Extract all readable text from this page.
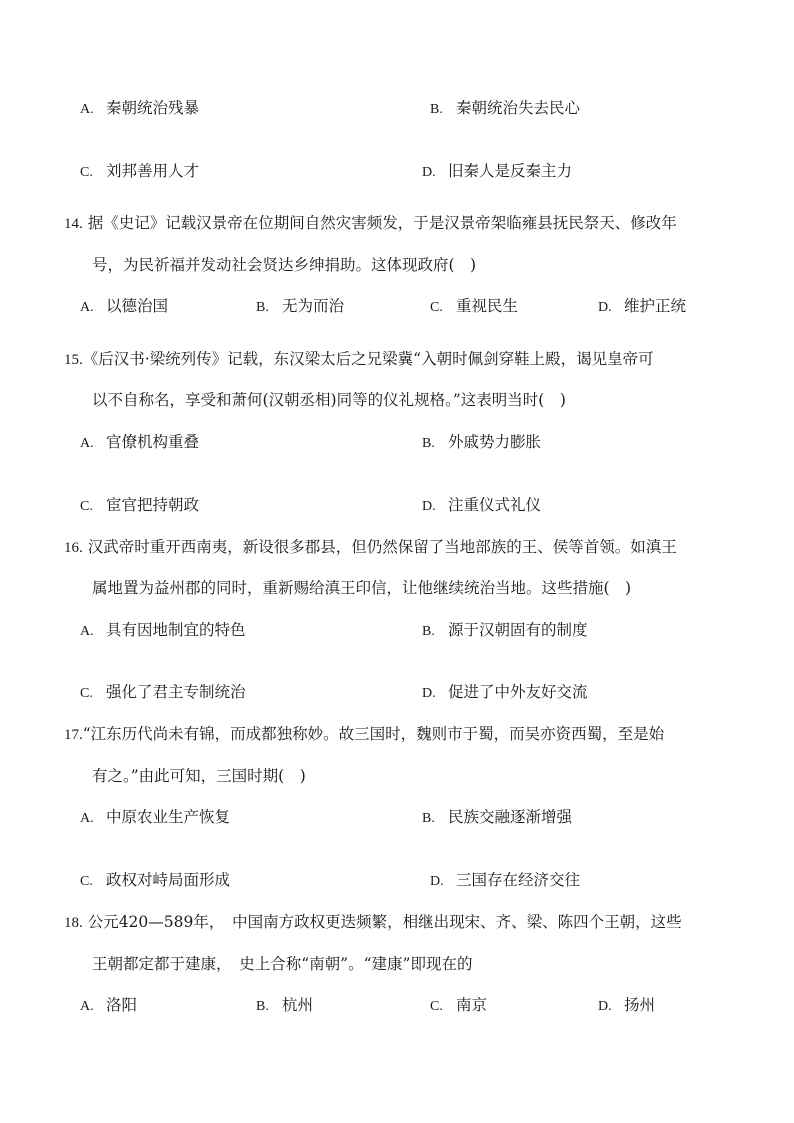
A. 秦朝统治残暴	B. 秦朝统治失去民心
C. 刘邦善用人才	D. 旧秦人是反秦主力
14. 据《史记》记载汉景帝在位期间自然灾害频发，于是汉景帝架临雍县抚民祭天、修改年
号，为民祈福并发动社会贤达乡绅捐助。这体现政府(　)
A. 以德治国	B. 无为而治	C. 重视民生	D. 维护正统
15.《后汉书·梁统列传》记载，东汉梁太后之兄梁冀“入朝时佩剑穿鞋上殿，谒见皇帝可
以不自称名，享受和萧何(汉朝丞相)同等的仪礼规格。”这表明当时(　)
A. 官僚机构重叠	B. 外戚势力膨胀
C. 宦官把持朝政	D. 注重仪式礼仪
16. 汉武帝时重开西南夷，新设很多郡县，但仍然保留了当地部族的王、侯等首领。如滇王
属地置为益州郡的同时，重新赐给滇王印信，让他继续统治当地。这些措施(　)
A. 具有因地制宜的特色	B. 源于汉朝固有的制度
C. 强化了君主专制统治	D. 促进了中外友好交流
17.“江东历代尚未有锦，而成都独称妙。故三国时，魏则市于蜀，而吴亦资西蜀，至是始
有之。”由此可知，三国时期(　)
A. 中原农业生产恢复	B. 民族交融逐渐增强
C. 政权对峙局面形成	D. 三国存在经济交往
18. 公元420—589年，　中国南方政权更迭频繁，相继出现宋、齐、梁、陈四个王朝，这些
王朝都定都于建康，　史上合称“南朝”。“建康”即现在的
A. 洛阳	B. 杭州	C. 南京	D. 扬州
